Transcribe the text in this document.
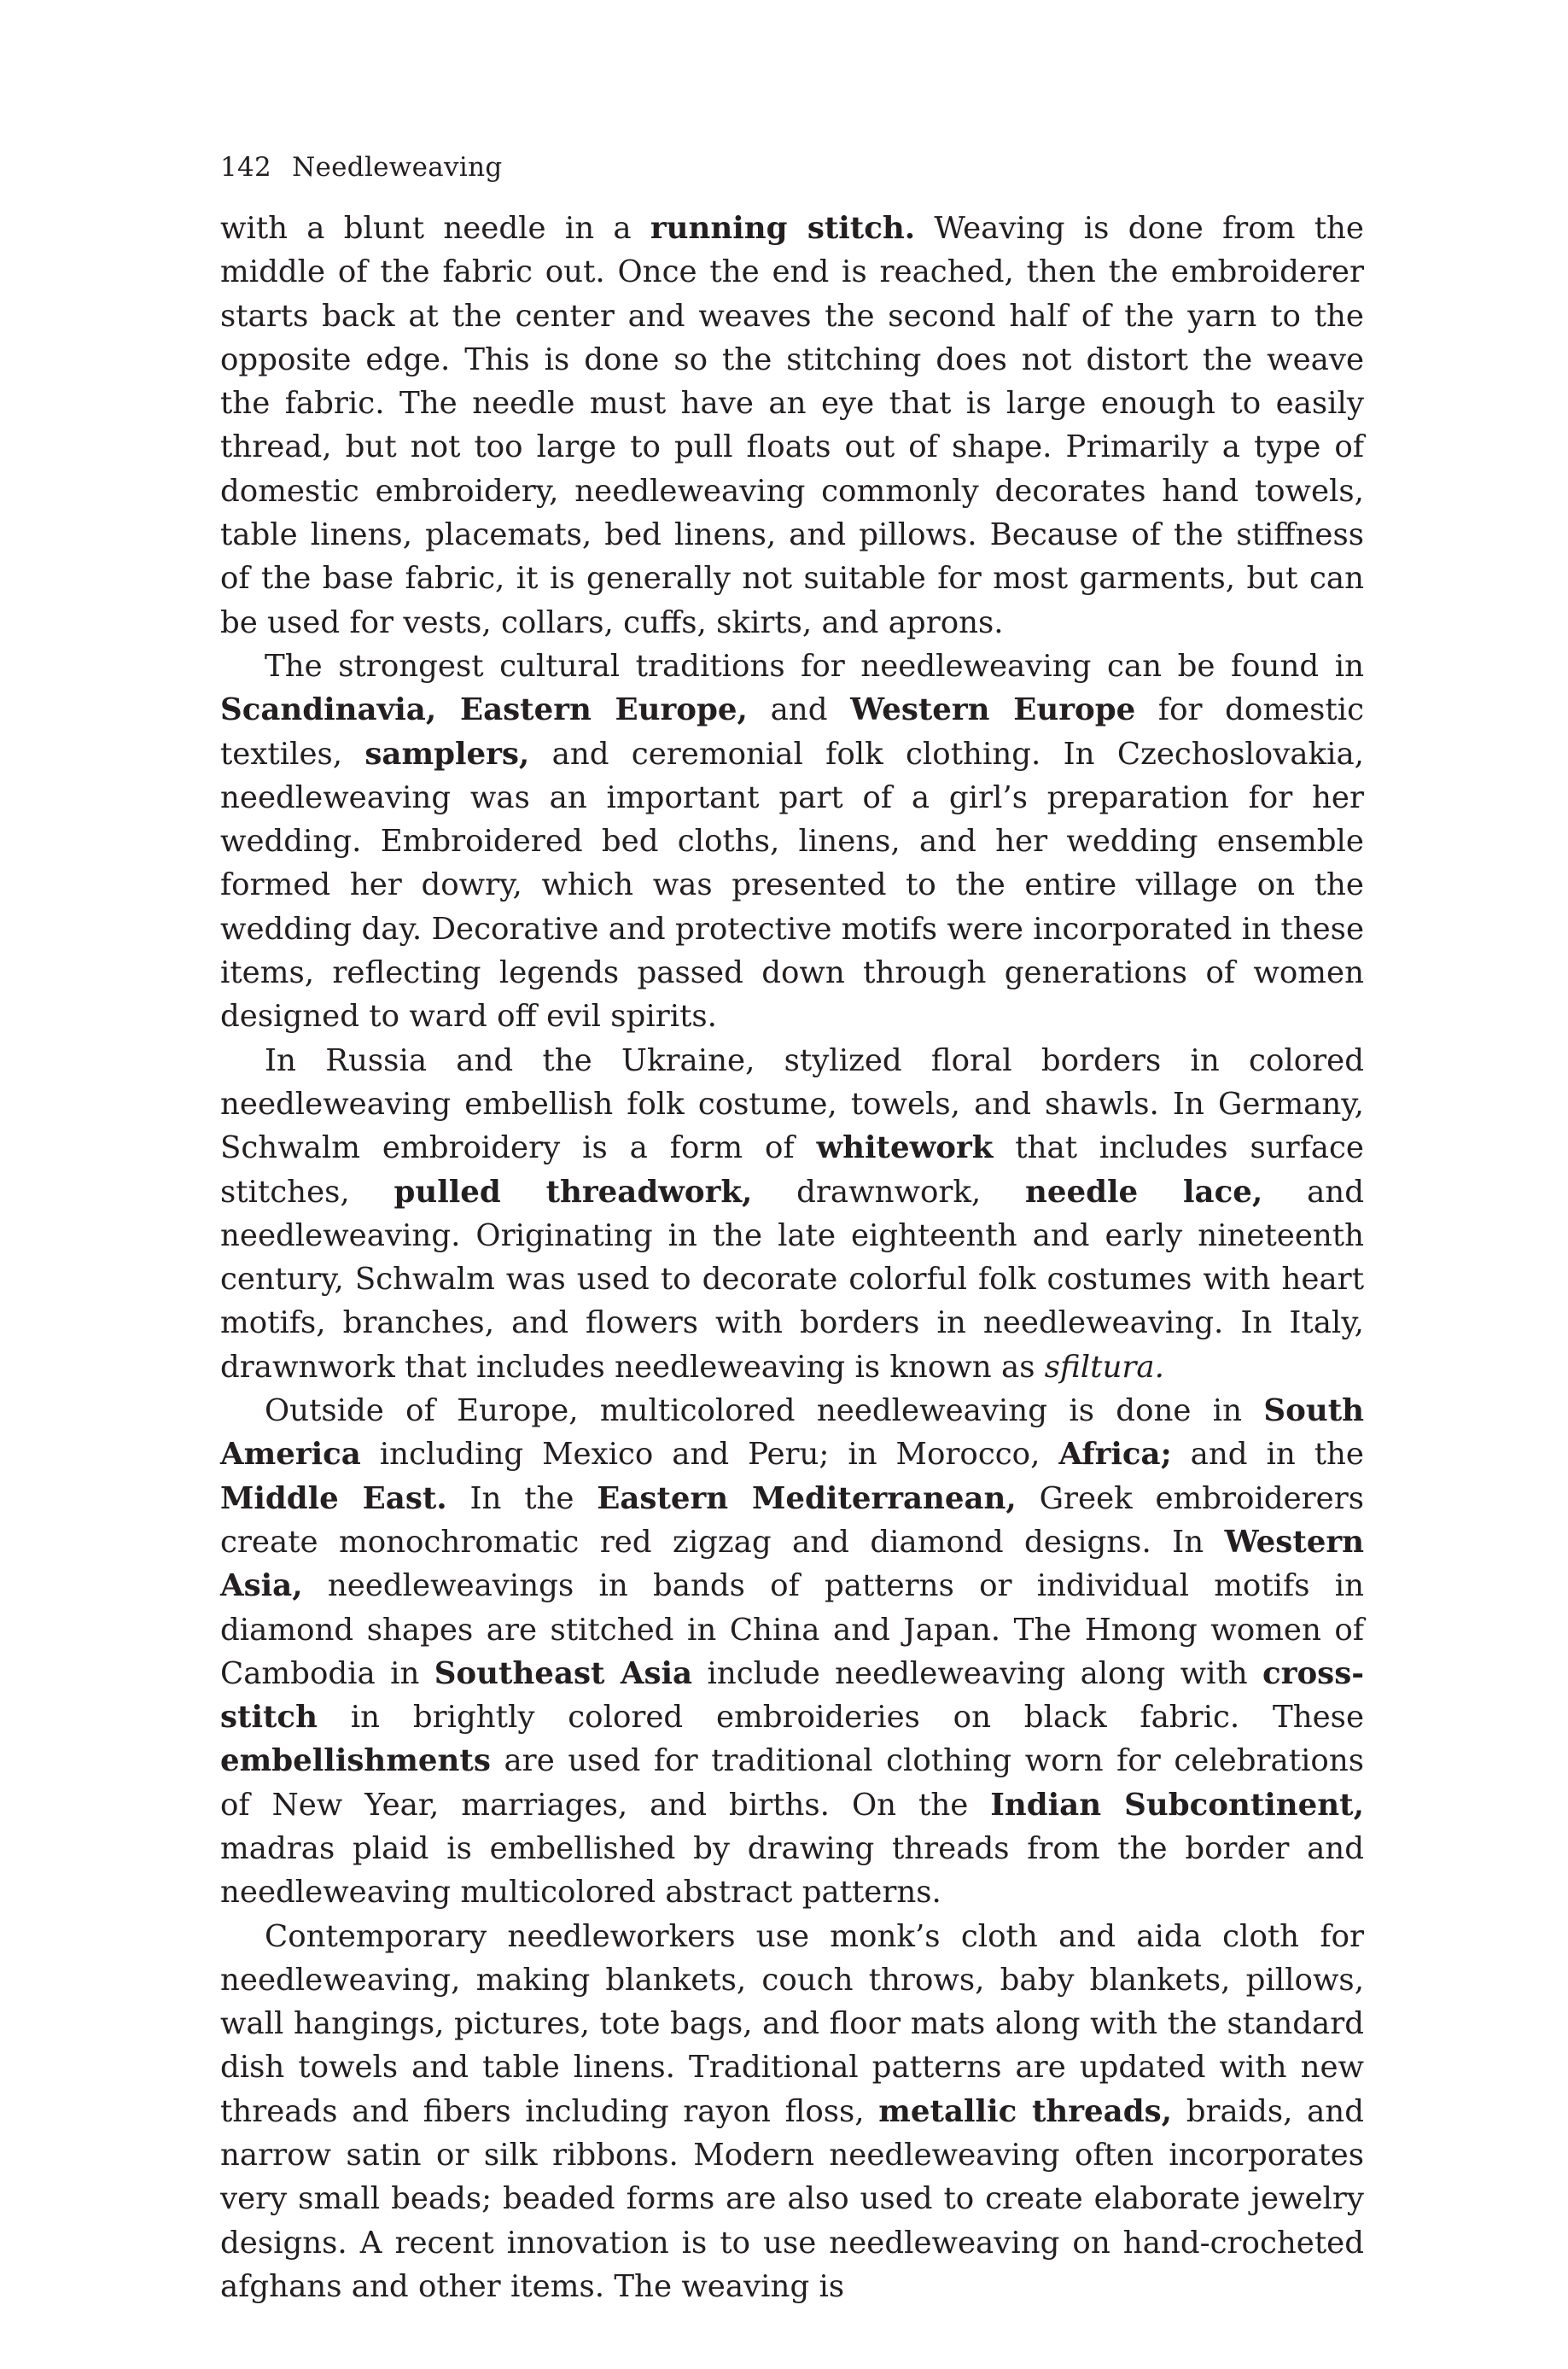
142 Needleweaving

with a blunt needle in a running stitch. Weaving is done from the middle of the fabric out. Once the end is reached, then the embroiderer starts back at the center and weaves the second half of the yarn to the opposite edge. This is done so the stitching does not distort the weave the fabric. The needle must have an eye that is large enough to easily thread, but not too large to pull floats out of shape. Primarily a type of domestic embroidery, needleweaving commonly decorates hand towels, table linens, placemats, bed linens, and pillows. Because of the stiffness of the base fabric, it is generally not suitable for most garments, but can be used for vests, collars, cuffs, skirts, and aprons.

The strongest cultural traditions for needleweaving can be found in Scandinavia, Eastern Europe, and Western Europe for domestic textiles, samplers, and ceremonial folk clothing. In Czechoslovakia, needleweaving was an important part of a girl’s preparation for her wedding. Embroidered bed cloths, linens, and her wedding ensemble formed her dowry, which was presented to the entire village on the wedding day. Decorative and protective motifs were incorporated in these items, reflecting legends passed down through generations of women designed to ward off evil spirits.

In Russia and the Ukraine, stylized floral borders in colored needleweaving embellish folk costume, towels, and shawls. In Germany, Schwalm embroidery is a form of whitework that includes surface stitches, pulled threadwork, drawnwork, needle lace, and needleweaving. Originating in the late eighteenth and early nineteenth century, Schwalm was used to decorate colorful folk costumes with heart motifs, branches, and flowers with borders in needleweaving. In Italy, drawnwork that includes needleweaving is known as sfiltura.

Outside of Europe, multicolored needleweaving is done in South America including Mexico and Peru; in Morocco, Africa; and in the Middle East. In the Eastern Mediterranean, Greek embroiderers create monochromatic red zigzag and diamond designs. In Western Asia, needleweavings in bands of patterns or individual motifs in diamond shapes are stitched in China and Japan. The Hmong women of Cambodia in Southeast Asia include needleweaving along with cross-stitch in brightly colored embroideries on black fabric. These embellishments are used for traditional clothing worn for celebrations of New Year, marriages, and births. On the Indian Subcontinent, madras plaid is embellished by drawing threads from the border and needleweaving multicolored abstract patterns.

Contemporary needleworkers use monk’s cloth and aida cloth for needleweaving, making blankets, couch throws, baby blankets, pillows, wall hangings, pictures, tote bags, and floor mats along with the standard dish towels and table linens. Traditional patterns are updated with new threads and fibers including rayon floss, metallic threads, braids, and narrow satin or silk ribbons. Modern needleweaving often incorporates very small beads; beaded forms are also used to create elaborate jewelry designs. A recent innovation is to use needleweaving on hand-crocheted afghans and other items. The weaving is
